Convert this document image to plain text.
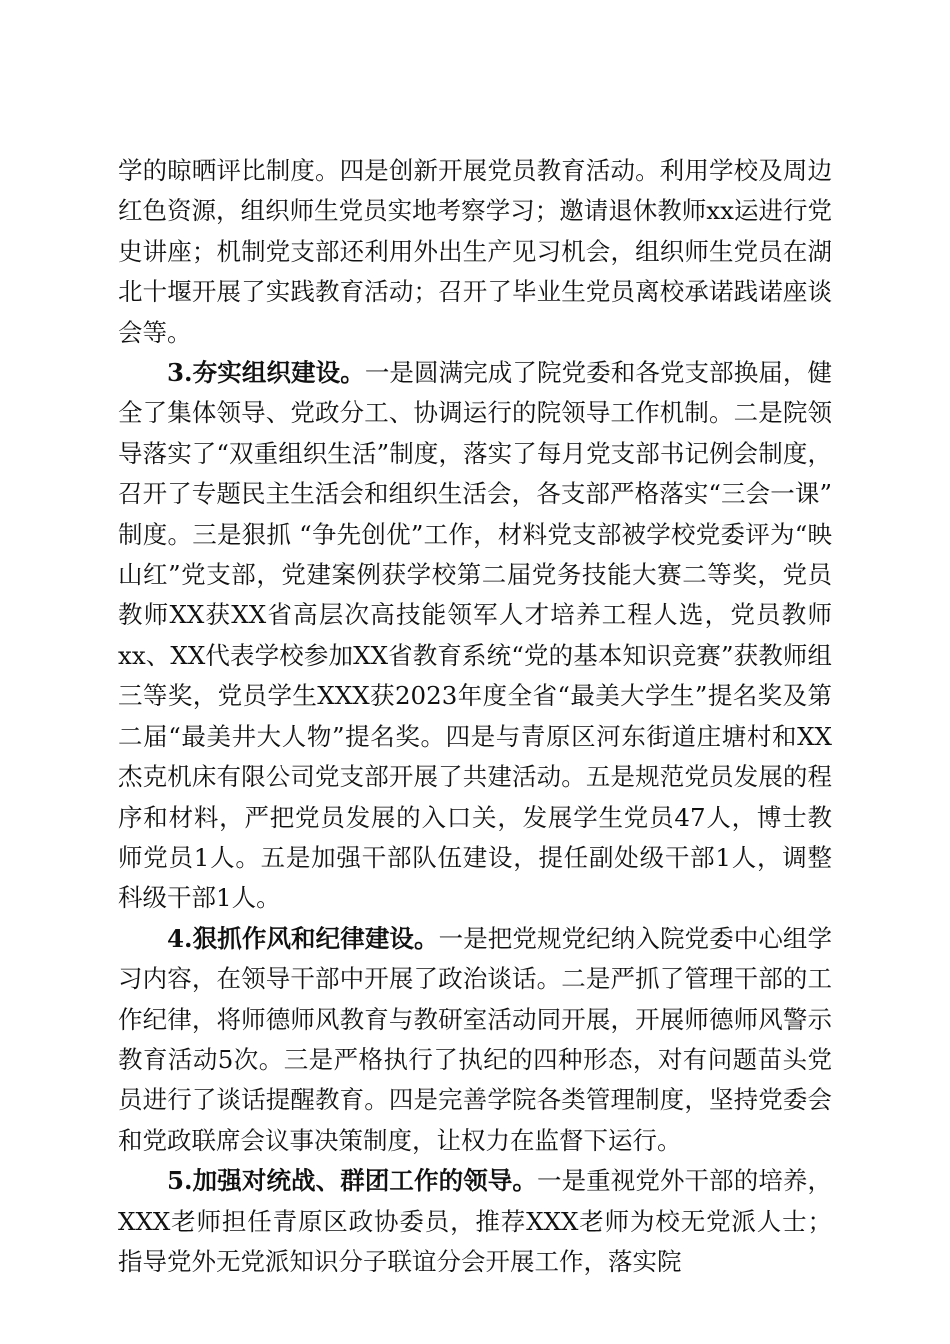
学的晾晒评比制度。四是创新开展党员教育活动。利用学校及周边红色资源，组织师生党员实地考察学习；邀请退休教师xx运进行党史讲座；机制党支部还利用外出生产见习机会，组织师生党员在湖北十堰开展了实践教育活动；召开了毕业生党员离校承诺践诺座谈会等。

3.夯实组织建设。一是圆满完成了院党委和各党支部换届，健全了集体领导、党政分工、协调运行的院领导工作机制。二是院领导落实了“双重组织生活”制度，落实了每月党支部书记例会制度，召开了专题民主生活会和组织生活会，各支部严格落实“三会一课” 制度。三是狠抓 “争先创优”工作，材料党支部被学校党委评为“映山红”党支部，党建案例获学校第二届党务技能大赛二等奖，党员教师XX获XX省高层次高技能领军人才培养工程人选，党员教师xx、XX代表学校参加XX省教育系统“党的基本知识竞赛”获教师组三等奖，党员学生XXX获2023年度全省“最美大学生”提名奖及第二届“最美井大人物”提名奖。四是与青原区河东街道庄塘村和XX杰克机床有限公司党支部开展了共建活动。五是规范党员发展的程序和材料，严把党员发展的入口关，发展学生党员47人，博士教师党员1人。五是加强干部队伍建设，提任副处级干部1人，调整科级干部1人。

4.狠抓作风和纪律建设。一是把党规党纪纳入院党委中心组学习内容，在领导干部中开展了政治谈话。二是严抓了管理干部的工作纪律，将师德师风教育与教研室活动同开展，开展师德师风警示教育活动5次。三是严格执行了执纪的四种形态，对有问题苗头党员进行了谈话提醒教育。四是完善学院各类管理制度，坚持党委会和党政联席会议事决策制度，让权力在监督下运行。

5.加强对统战、群团工作的领导。一是重视党外干部的培养，XXX老师担任青原区政协委员，推荐XXX老师为校无党派人士；指导党外无党派知识分子联谊分会开展工作，落实院
